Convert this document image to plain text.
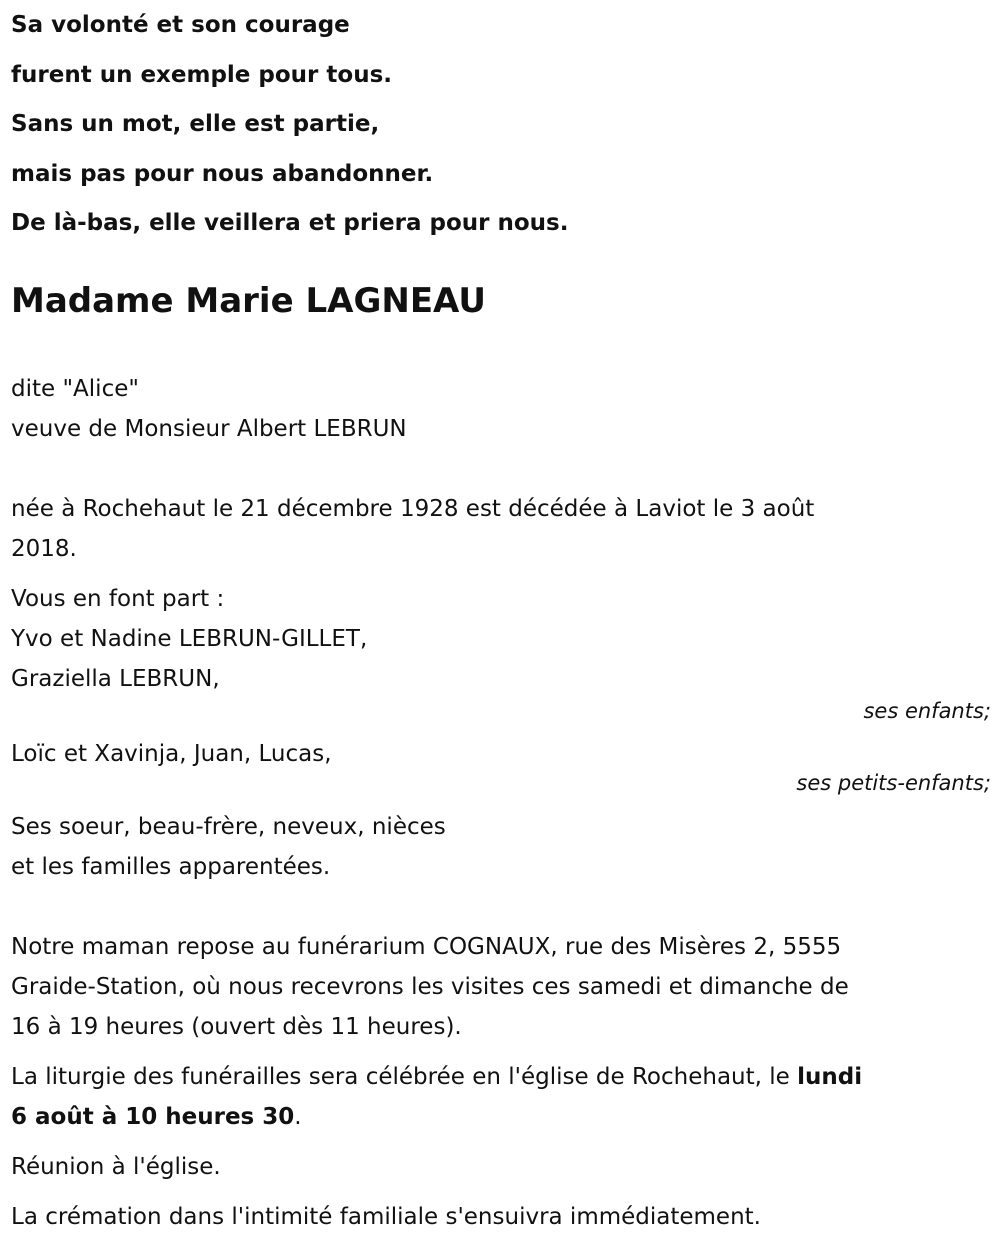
Sa volonté et son courage
furent un exemple pour tous.
Sans un mot, elle est partie,
mais pas pour nous abandonner.
De là-bas, elle veillera et priera pour nous.
Madame Marie LAGNEAU
dite "Alice"
veuve de Monsieur Albert LEBRUN
née à Rochehaut le 21 décembre 1928 est décédée à Laviot le 3 août
2018.
Vous en font part :
Yvo et Nadine LEBRUN-GILLET,
Graziella LEBRUN,
ses enfants;
Loïc et Xavinja, Juan, Lucas,
ses petits-enfants;
Ses soeur, beau-frère, neveux, nièces
et les familles apparentées.
Notre maman repose au funérarium COGNAUX, rue des Misères 2, 5555
Graide-Station, où nous recevrons les visites ces samedi et dimanche de
16 à 19 heures (ouvert dès 11 heures).
La liturgie des funérailles sera célébrée en l'église de Rochehaut, le lundi
6 août à 10 heures 30.
Réunion à l'église.
La crémation dans l'intimité familiale s'ensuivra immédiatement.
